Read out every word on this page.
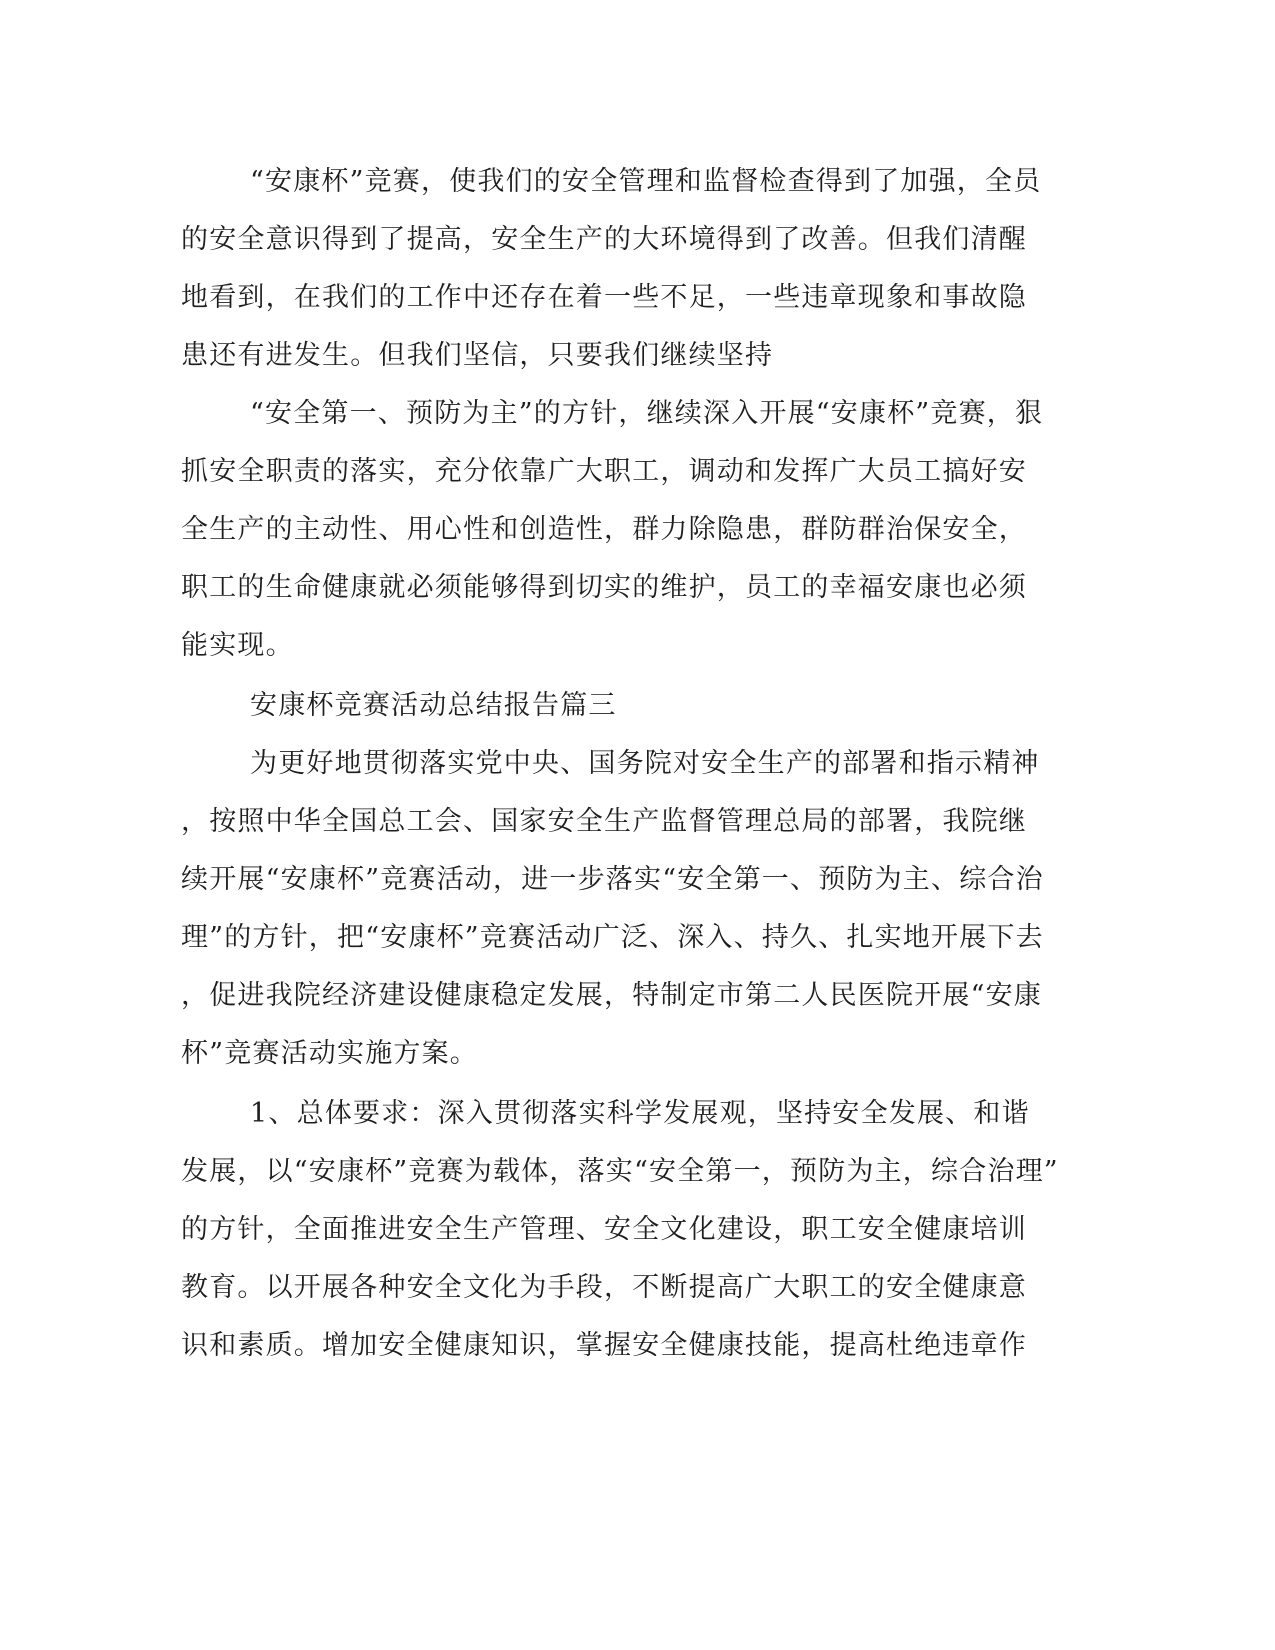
“安康杯”竞赛，使我们的安全管理和监督检查得到了加强，全员

的安全意识得到了提高，安全生产的大环境得到了改善。但我们清醒

地看到，在我们的工作中还存在着一些不足，一些违章现象和事故隐

患还有进发生。但我们坚信，只要我们继续坚持

“安全第一、预防为主”的方针，继续深入开展“安康杯”竞赛，狠

抓安全职责的落实，充分依靠广大职工，调动和发挥广大员工搞好安

全生产的主动性、用心性和创造性，群力除隐患，群防群治保安全，

职工的生命健康就必须能够得到切实的维护，员工的幸福安康也必须

能实现。

安康杯竞赛活动总结报告篇三

为更好地贯彻落实党中央、国务院对安全生产的部署和指示精神

，按照中华全国总工会、国家安全生产监督管理总局的部署，我院继

续开展“安康杯”竞赛活动，进一步落实“安全第一、预防为主、综合治

理”的方针，把“安康杯”竞赛活动广泛、深入、持久、扎实地开展下去

，促进我院经济建设健康稳定发展，特制定市第二人民医院开展“安康

杯”竞赛活动实施方案。

1、总体要求：深入贯彻落实科学发展观，坚持安全发展、和谐

发展，以“安康杯”竞赛为载体，落实“安全第一，预防为主，综合治理”

的方针，全面推进安全生产管理、安全文化建设，职工安全健康培训

教育。以开展各种安全文化为手段，不断提高广大职工的安全健康意

识和素质。增加安全健康知识，掌握安全健康技能，提高杜绝违章作
